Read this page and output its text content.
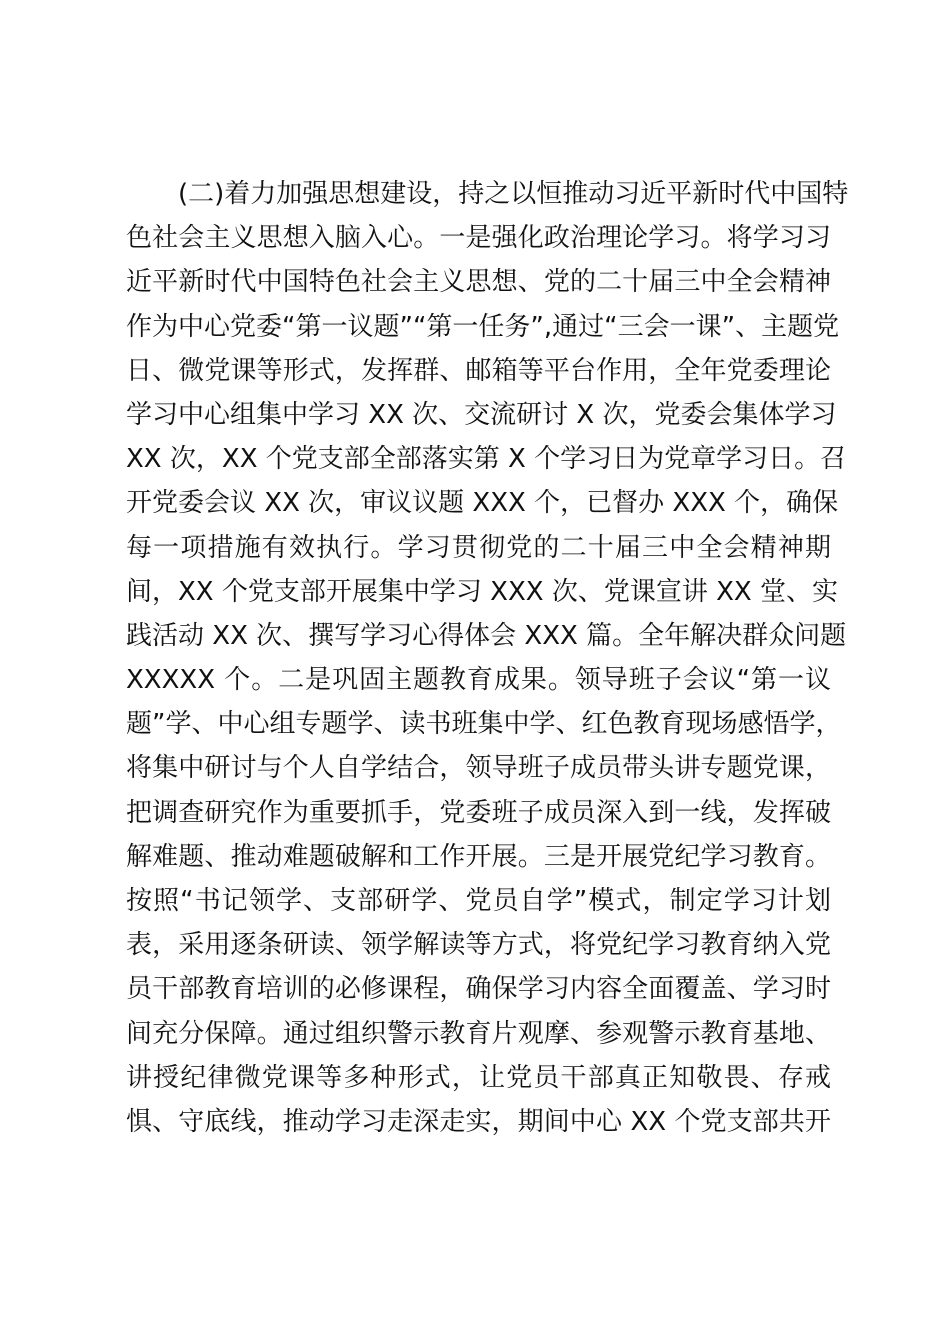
(二)着力加强思想建设，持之以恒推动习近平新时代中国特
色社会主义思想入脑入心。一是强化政治理论学习。将学习习
近平新时代中国特色社会主义思想、党的二十届三中全会精神
作为中心党委“第一议题”“第一任务”,通过“三会一课”、主题党
日、微党课等形式，发挥群、邮箱等平台作用，全年党委理论
学习中心组集中学习 XX 次、交流研讨 X 次，党委会集体学习
XX 次，XX 个党支部全部落实第 X 个学习日为党章学习日。召
开党委会议 XX 次，审议议题 XXX 个，已督办 XXX 个，确保
每一项措施有效执行。学习贯彻党的二十届三中全会精神期
间，XX 个党支部开展集中学习 XXX 次、党课宣讲 XX 堂、实
践活动 XX 次、撰写学习心得体会 XXX 篇。全年解决群众问题
XXXXX 个。二是巩固主题教育成果。领导班子会议“第一议
题”学、中心组专题学、读书班集中学、红色教育现场感悟学，
将集中研讨与个人自学结合，领导班子成员带头讲专题党课，
把调查研究作为重要抓手，党委班子成员深入到一线，发挥破
解难题、推动难题破解和工作开展。三是开展党纪学习教育。
按照“书记领学、支部研学、党员自学”模式，制定学习计划
表，采用逐条研读、领学解读等方式，将党纪学习教育纳入党
员干部教育培训的必修课程，确保学习内容全面覆盖、学习时
间充分保障。通过组织警示教育片观摩、参观警示教育基地、
讲授纪律微党课等多种形式，让党员干部真正知敬畏、存戒
惧、守底线，推动学习走深走实，期间中心 XX 个党支部共开
